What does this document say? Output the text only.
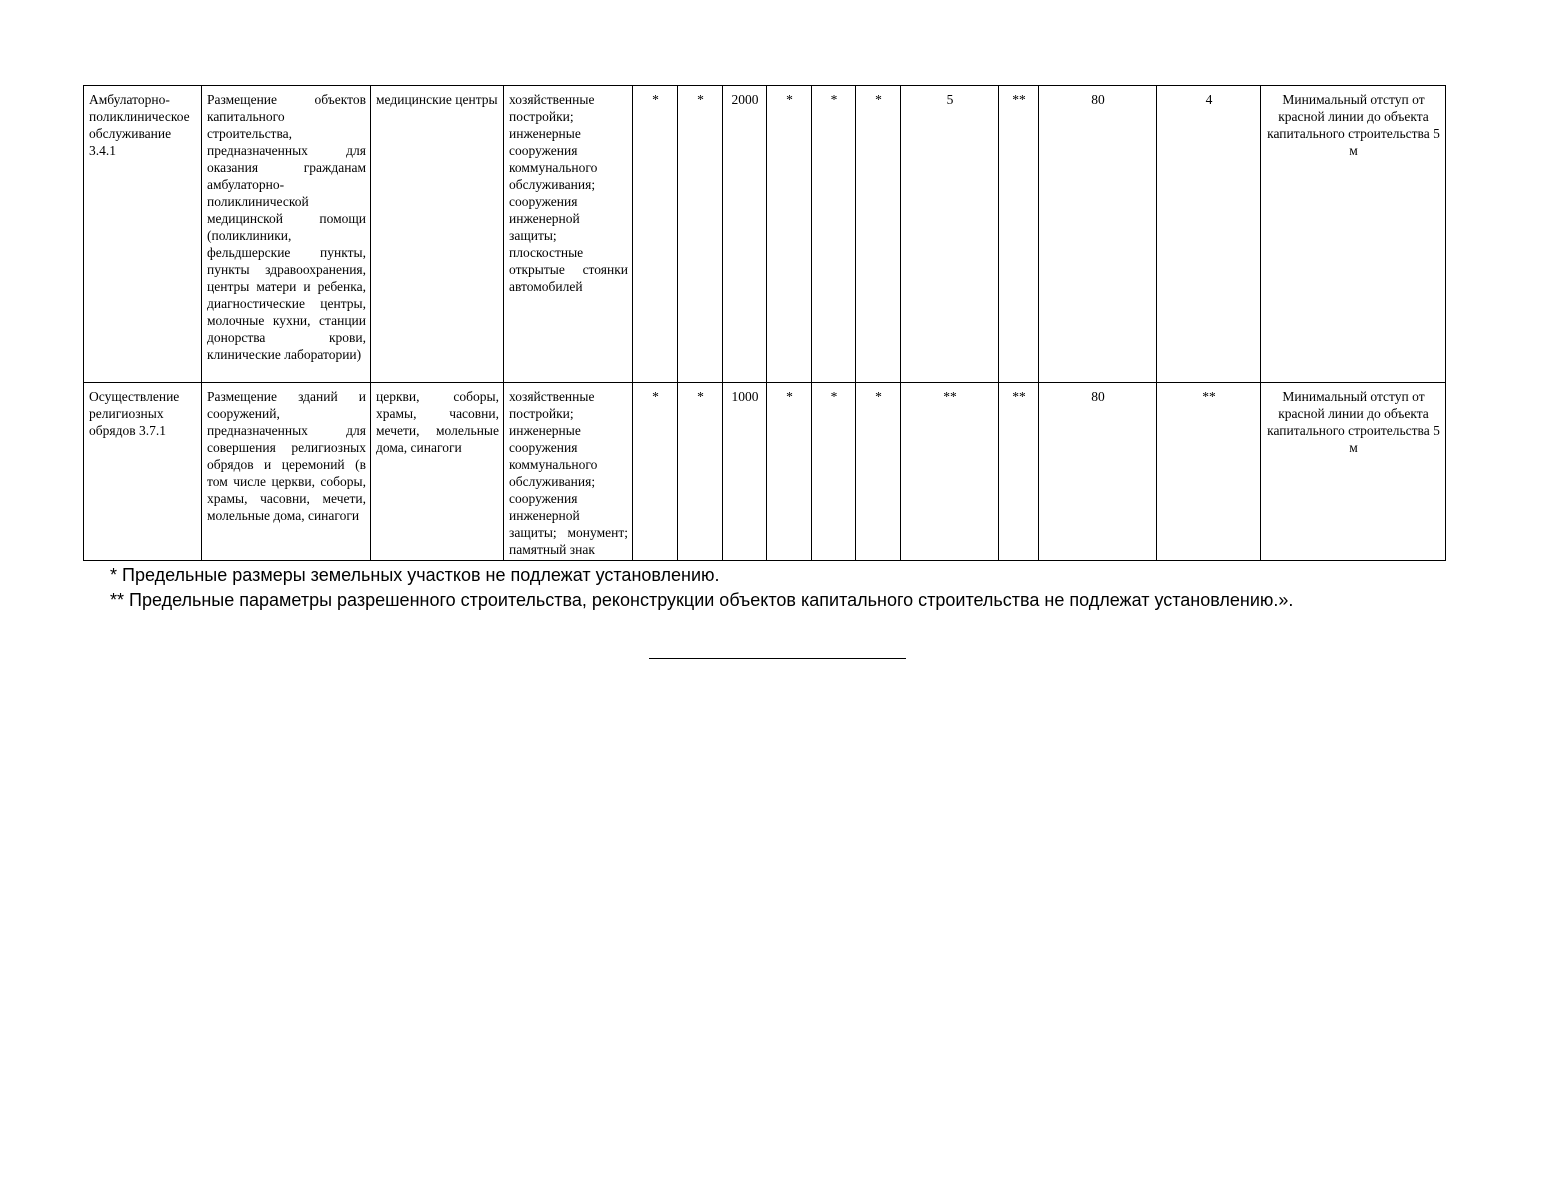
Амбулаторно-поликлиническое обслуживание 3.4.1	Размещение объектов капитального строительства, предназначенных для оказания гражданам амбулаторно-поликлинической медицинской помощи (поликлиники, фельдшерские пункты, пункты здравоохранения, центры матери и ребенка, диагностические центры, молочные кухни, станции донорства крови, клинические лаборатории)	медицинские центры	хозяйственные постройки; инженерные сооружения коммунального обслуживания; сооружения инженерной защиты; плоскостные открытые стоянки автомобилей	*	*	2000	*	*	*	5	**	80	4	Минимальный отступ от красной линии до объекта капитального строительства 5 м
Осуществление религиозных обрядов 3.7.1	Размещение зданий и сооружений, предназначенных для совершения религиозных обрядов и церемоний (в том числе церкви, соборы, храмы, часовни, мечети, молельные дома, синагоги	церкви, соборы, храмы, часовни, мечети, молельные дома, синагоги	хозяйственные постройки; инженерные сооружения коммунального обслуживания; сооружения инженерной защиты; монумент; памятный знак	*	*	1000	*	*	*	**	**	80	**	Минимальный отступ от красной линии до объекта капитального строительства 5 м
* Предельные размеры земельных участков не подлежат установлению.
** Предельные параметры разрешенного строительства, реконструкции объектов капитального строительства не подлежат установлению.».
